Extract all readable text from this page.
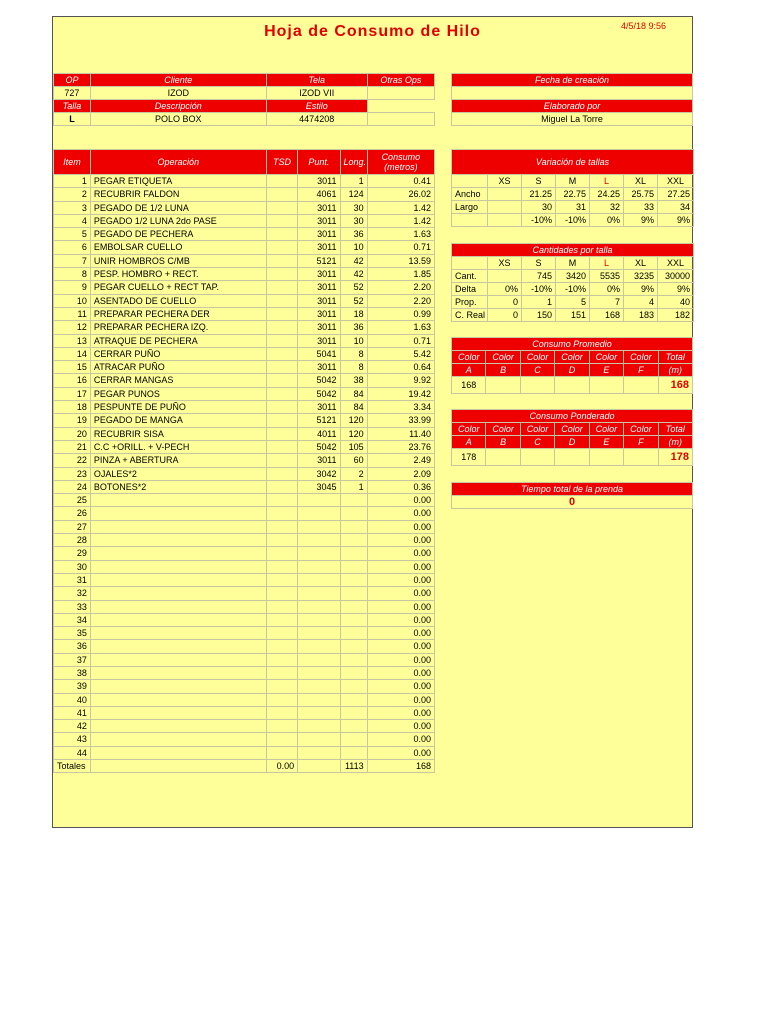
Hoja de Consumo de Hilo	4/5/18 9:56
OP	Cliente	Tela	Otras Ops
727	IZOD	IZOD VII	
Talla	Descripción	Estilo	
L	POLO BOX	4474208	
Fecha de creación

Elaborado por
Miguel La Torre
Item	Operación	TSD	Punt.	Long.	Consumo (metros)
1	PEGAR ETIQUETA		3011	1	0.41
2	RECUBRIR FALDON		4061	124	26.02
3	PEGADO DE 1/2 LUNA		3011	30	1.42
4	PEGADO 1/2 LUNA 2do PASE		3011	30	1.42
5	PEGADO DE PECHERA		3011	36	1.63
6	EMBOLSAR CUELLO		3011	10	0.71
7	UNIR HOMBROS C/MB		5121	42	13.59
8	PESP. HOMBRO + RECT.		3011	42	1.85
9	PEGAR CUELLO + RECT TAP.		3011	52	2.20
10	ASENTADO DE CUELLO		3011	52	2.20
11	PREPARAR PECHERA DER		3011	18	0.99
12	PREPARAR PECHERA IZQ.		3011	36	1.63
13	ATRAQUE DE PECHERA		3011	10	0.71
14	CERRAR PUÑO		5041	8	5.42
15	ATRACAR PUÑO		3011	8	0.64
16	CERRAR MANGAS		5042	38	9.92
17	PEGAR PUNOS		5042	84	19.42
18	PESPUNTE DE PUÑO		3011	84	3.34
19	PEGADO DE MANGA		5121	120	33.99
20	RECUBRIR SISA		4011	120	11.40
21	C.C +ORILL. + V-PECH		5042	105	23.76
22	PINZA + ABERTURA		3011	60	2.49
23	OJALES*2		3042	2	2.09
24	BOTONES*2		3045	1	0.36
25					0.00
26					0.00
27					0.00
28					0.00
29					0.00
30					0.00
31					0.00
32					0.00
33					0.00
34					0.00
35					0.00
36					0.00
37					0.00
38					0.00
39					0.00
40					0.00
41					0.00
42					0.00
43					0.00
44					0.00
Totales		0.00		1113	168
Variación de tallas						
	XS	S	M	L	XL	XXL
Ancho		21.25	22.75	24.25	25.75	27.25
Largo		30	31	32	33	34
		-10%	-10%	0%	9%	9%
Cantidades por talla						
	XS	S	M	L	XL	XXL
Cant.		745	3420	5535	3235	30000
Delta	0%	-10%	-10%	0%	9%	9%
Prop.	0	1	5	7	4	40
C. Real	0	150	151	168	183	182
Consumo Promedio						
Color	Color	Color	Color	Color	Color	Total
A	B	C	D	E	F	(m)
168						168
Consumo Ponderado						
Color	Color	Color	Color	Color	Color	Total
A	B	C	D	E	F	(m)
178						178
Tiempo total de la prenda
0
